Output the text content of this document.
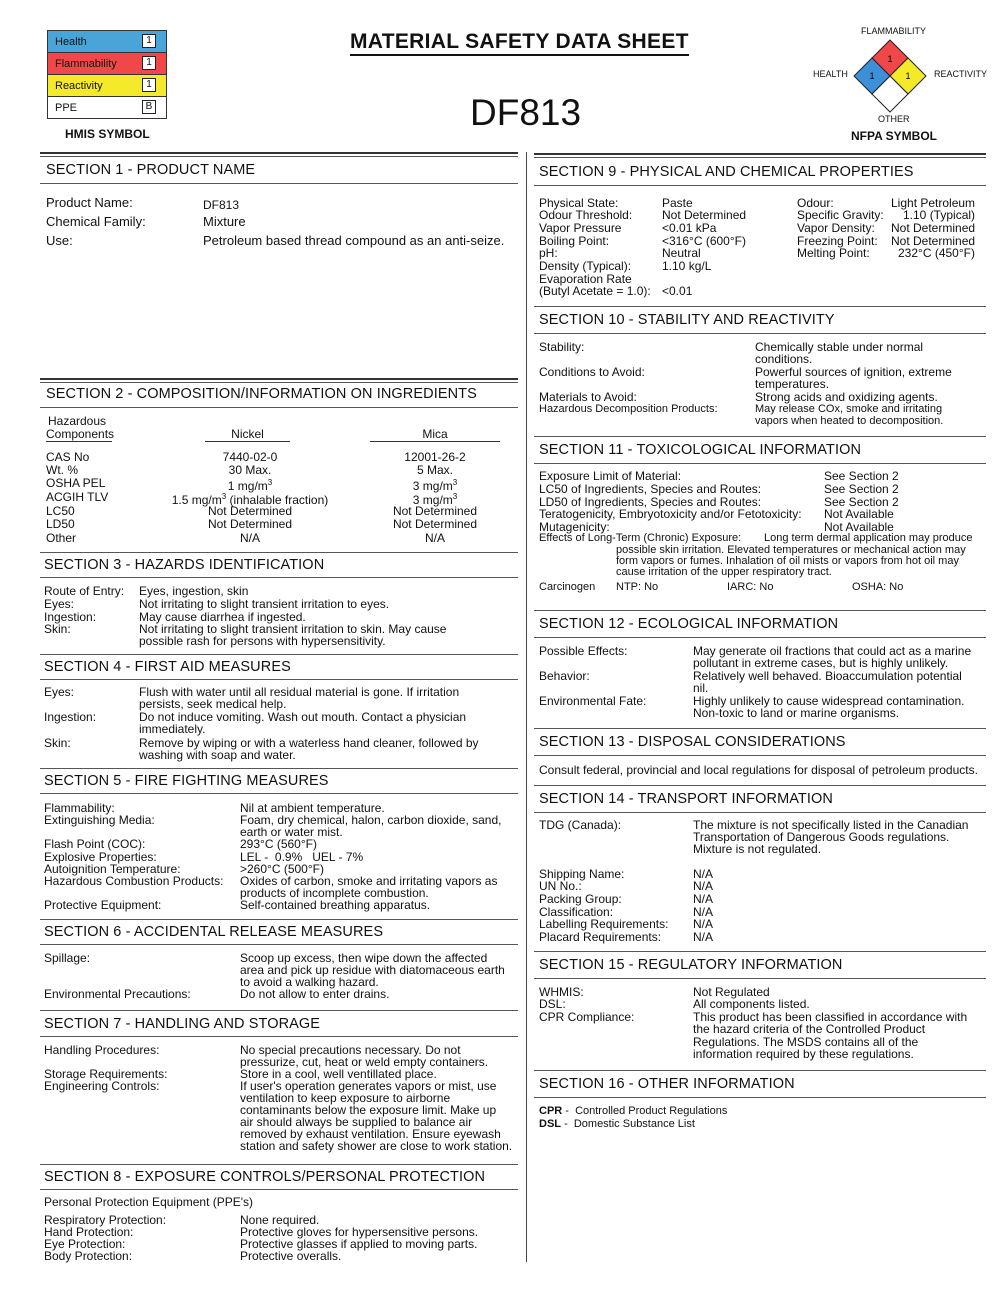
Health	1
Flammability	1
Reactivity	1
PPE	B
HMIS SYMBOL
MATERIAL SAFETY DATA SHEET
DF813
1
1	1
FLAMMABILITY
HEALTH	REACTIVITY
OTHER
NFPA SYMBOL
SECTION 1 - PRODUCT NAME
Product Name:	DF813
Chemical Family:	Mixture
Use:	Petroleum based thread compound as an anti-seize.
SECTION 2 - COMPOSITION/INFORMATION ON INGREDIENTS
Hazardous
Components	Nickel	Mica
CAS No	7440-02-0	12001-26-2
Wt. %	30 Max.	5 Max.
OSHA PEL	1 $mg/m^3$	3 $mg/m^3$
ACGIH TLV	1.5 $mg/m^3$ (inhalable fraction)	3 $mg/m^3$
LC50	Not Determined	Not Determined
LD50	Not Determined	Not Determined
Other	N/A	N/A
SECTION 3 - HAZARDS IDENTIFICATION
Route of Entry: Eyes, ingestion, skin
Eyes:	Not irritating to slight transient irritation to eyes.
Ingestion:	May cause diarrhea if ingested.
Skin:	Not irritating to slight transient irritation to skin. May cause
possible rash for persons with hypersensitivity.
SECTION 4 - FIRST AID MEASURES
Eyes:	Flush with water until all residual material is gone. If irritation
persists, seek medical help.
Ingestion:	Do not induce vomiting. Wash out mouth. Contact a physician
immediately.
Skin:	Remove by wiping or with a waterless hand cleaner, followed by
washing with soap and water.
SECTION 5 - FIRE FIGHTING MEASURES
Flammability:	Nil at ambient temperature.
Extinguishing Media:	Foam, dry chemical, halon, carbon dioxide, sand,
earth or water mist.
Flash Point (COC):	293°C (560°F)
Explosive Properties:	LEL -  0.9%   UEL - 7%
Autoignition Temperature:	>260°C (500°F)
Hazardous Combustion Products: Oxides of carbon, smoke and irritating vapors as
products of incomplete combustion.
Protective Equipment:	Self-contained breathing apparatus.
SECTION 6 - ACCIDENTAL RELEASE MEASURES
Spillage:	Scoop up excess, then wipe down the affected
area and pick up residue with diatomaceous earth
to avoid a walking hazard.
Environmental Precautions:	Do not allow to enter drains.
SECTION 7 - HANDLING AND STORAGE
Handling Procedures:	No special precautions necessary. Do not
pressurize, cut, heat or weld empty containers.
Storage Requirements:	Store in a cool, well ventillated place.
Engineering Controls:	If user's operation generates vapors or mist, use
ventilation to keep exposure to airborne
contaminants below the exposure limit. Make up
air should always be supplied to balance air
removed by exhaust ventilation. Ensure eyewash
station and safety shower are close to work station.
SECTION 8 - EXPOSURE CONTROLS/PERSONAL PROTECTION
Personal Protection Equipment (PPE's)
Respiratory Protection:	None required.
Hand Protection:	Protective gloves for hypersensitive persons.
Eye Protection:	Protective glasses if applied to moving parts.
Body Protection:	Protective overalls.
SECTION 9 - PHYSICAL AND CHEMICAL PROPERTIES
Physical State:	Paste
Odour Threshold: Not Determined
Vapor Pressure	<0.01 kPa
Boiling Point:	<316°C (600°F)
pH:	Neutral
Density (Typical):	1.10 kg/L
Evaporation Rate
(Butyl Acetate = 1.0): <0.01
Odour:	Light Petroleum
Specific Gravity: 1.10 (Typical)
Vapor Density: Not Determined
Freezing Point: Not Determined
Melting Point: 232°C (450°F)
SECTION 10 - STABILITY AND REACTIVITY
Stability:	Chemically stable under normal
conditions.
Conditions to Avoid:	Powerful sources of ignition, extreme
temperatures.
Materials to Avoid:	Strong acids and oxidizing agents.
Hazardous Decomposition Products:	May release COx, smoke and irritating
vapors when heated to decomposition.
SECTION 11 - TOXICOLOGICAL INFORMATION
Exposure Limit of Material:	See Section 2
LC50 of Ingredients, Species and Routes:	See Section 2
LD50 of Ingredients, Species and Routes:	See Section 2
Teratogenicity, Embryotoxicity and/or Fetotoxicity: Not Available
Mutagenicity:	Not Available
Effects of Long-Term (Chronic) Exposure: Long term dermal application may produce
possible skin irritation. Elevated temperatures or mechanical action may
form vapors or fumes. Inhalation of oil mists or vapors from hot oil may
cause irritation of the upper respiratory tract.
Carcinogen NTP: No	IARC: No	OSHA: No
SECTION 12 - ECOLOGICAL INFORMATION
Possible Effects:	May generate oil fractions that could act as a marine
pollutant in extreme cases, but is highly unlikely.
Behavior:	Relatively well behaved. Bioaccumulation potential
nil.
Environmental Fate:	Highly unlikely to cause widespread contamination.
Non-toxic to land or marine organisms.
SECTION 13 - DISPOSAL CONSIDERATIONS
Consult federal, provincial and local regulations for disposal of petroleum products.
SECTION 14 - TRANSPORT INFORMATION
TDG (Canada):	The mixture is not specifically listed in the Canadian
Transportation of Dangerous Goods regulations.
Mixture is not regulated.
Shipping Name:	N/A
UN No.:	N/A
Packing Group:	N/A
Classification:	N/A
Labelling Requirements: N/A
Placard Requirements:	N/A
SECTION 15 - REGULATORY INFORMATION
WHMIS:	Not Regulated
DSL:	All components listed.
CPR Compliance:	This product has been classified in accordance with
the hazard criteria of the Controlled Product
Regulations. The MSDS contains all of the
information required by these regulations.
SECTION 16 - OTHER INFORMATION
CPR -  Controlled Product Regulations
DSL -  Domestic Substance List
